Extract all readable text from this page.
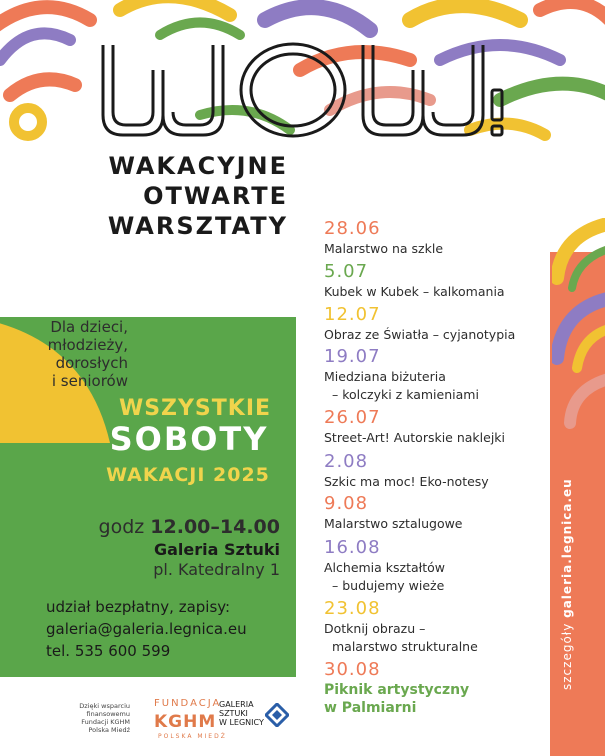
WAKACYJNE
OTWARTE
WARSZTATY
Dla dzieci,
młodzieży,
dorosłych
i seniorów
WSZYSTKIE
SOBOTY
WAKACJI 2025
godz 12.00–14.00
Galeria Sztuki
pl. Katedralny 1
udział bezpłatny, zapisy:
galeria@galeria.legnica.eu
tel. 535 600 599
Dzięki wsparciu
finansowemu
Fundacji KGHM
Polska Miedź
FUNDACJA
KGHM
POLSKA MIEDŹ
GALERIA
SZTUKI
W LEGNICY
28.06
Malarstwo na szkle
5.07
Kubek w Kubek – kalkomania
12.07
Obraz ze Światła – cyjanotypia
19.07
Miedziana biżuteria
– kolczyki z kamieniami
26.07
Street-Art! Autorskie naklejki
2.08
Szkic ma moc! Eko-notesy
9.08
Malarstwo sztalugowe
16.08
Alchemia kształtów
– budujemy wieże
23.08
Dotknij obrazu –
malarstwo strukturalne
30.08
Piknik artystyczny
w Palmiarni
szczegóły galeria.legnica.eu
